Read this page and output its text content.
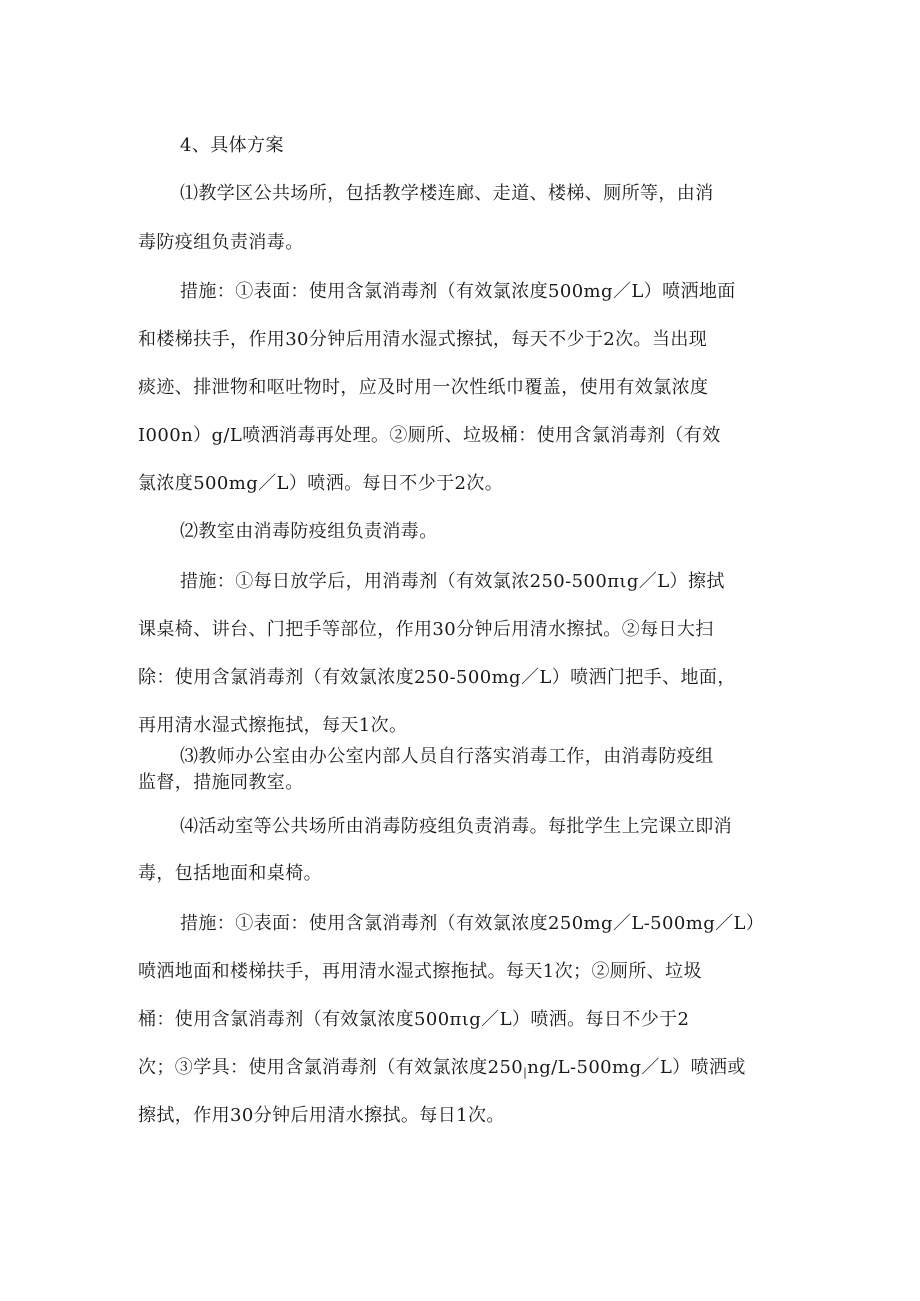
4、具体方案
⑴教学区公共场所，包括教学楼连廊、走道、楼梯、厕所等，由消
毒防疫组负责消毒。
措施：①表面：使用含氯消毒剂（有效氯浓度500mg／L）喷洒地面
和楼梯扶手，作用30分钟后用清水湿式擦拭，每天不少于2次。当出现
痰迹、排泄物和呕吐物时，应及时用一次性纸巾覆盖，使用有效氯浓度
I000n）g/L喷洒消毒再处理。②厕所、垃圾桶：使用含氯消毒剂（有效
氯浓度500mg／L）喷洒。每日不少于2次。
⑵教室由消毒防疫组负责消毒。
措施：①每日放学后，用消毒剂（有效氯浓250-500πιg／L）擦拭
课桌椅、讲台、门把手等部位，作用30分钟后用清水擦拭。②每日大扫
除：使用含氯消毒剂（有效氯浓度250-500mg／L）喷洒门把手、地面，
再用清水湿式擦拖拭，每天1次。
⑶教师办公室由办公室内部人员自行落实消毒工作，由消毒防疫组
监督，措施同教室。
⑷活动室等公共场所由消毒防疫组负责消毒。每批学生上完课立即消
毒，包括地面和桌椅。
措施：①表面：使用含氯消毒剂（有效氯浓度250mg／L-500mg／L）
喷洒地面和楼梯扶手，再用清水湿式擦拖拭。每天1次；②厕所、垃圾
桶：使用含氯消毒剂（有效氯浓度500πιg／L）喷洒。每日不少于2
次；③学具：使用含氯消毒剂（有效氯浓度$250_|ng/L-500mg/L$）喷洒或
擦拭，作用30分钟后用清水擦拭。每日1次。
